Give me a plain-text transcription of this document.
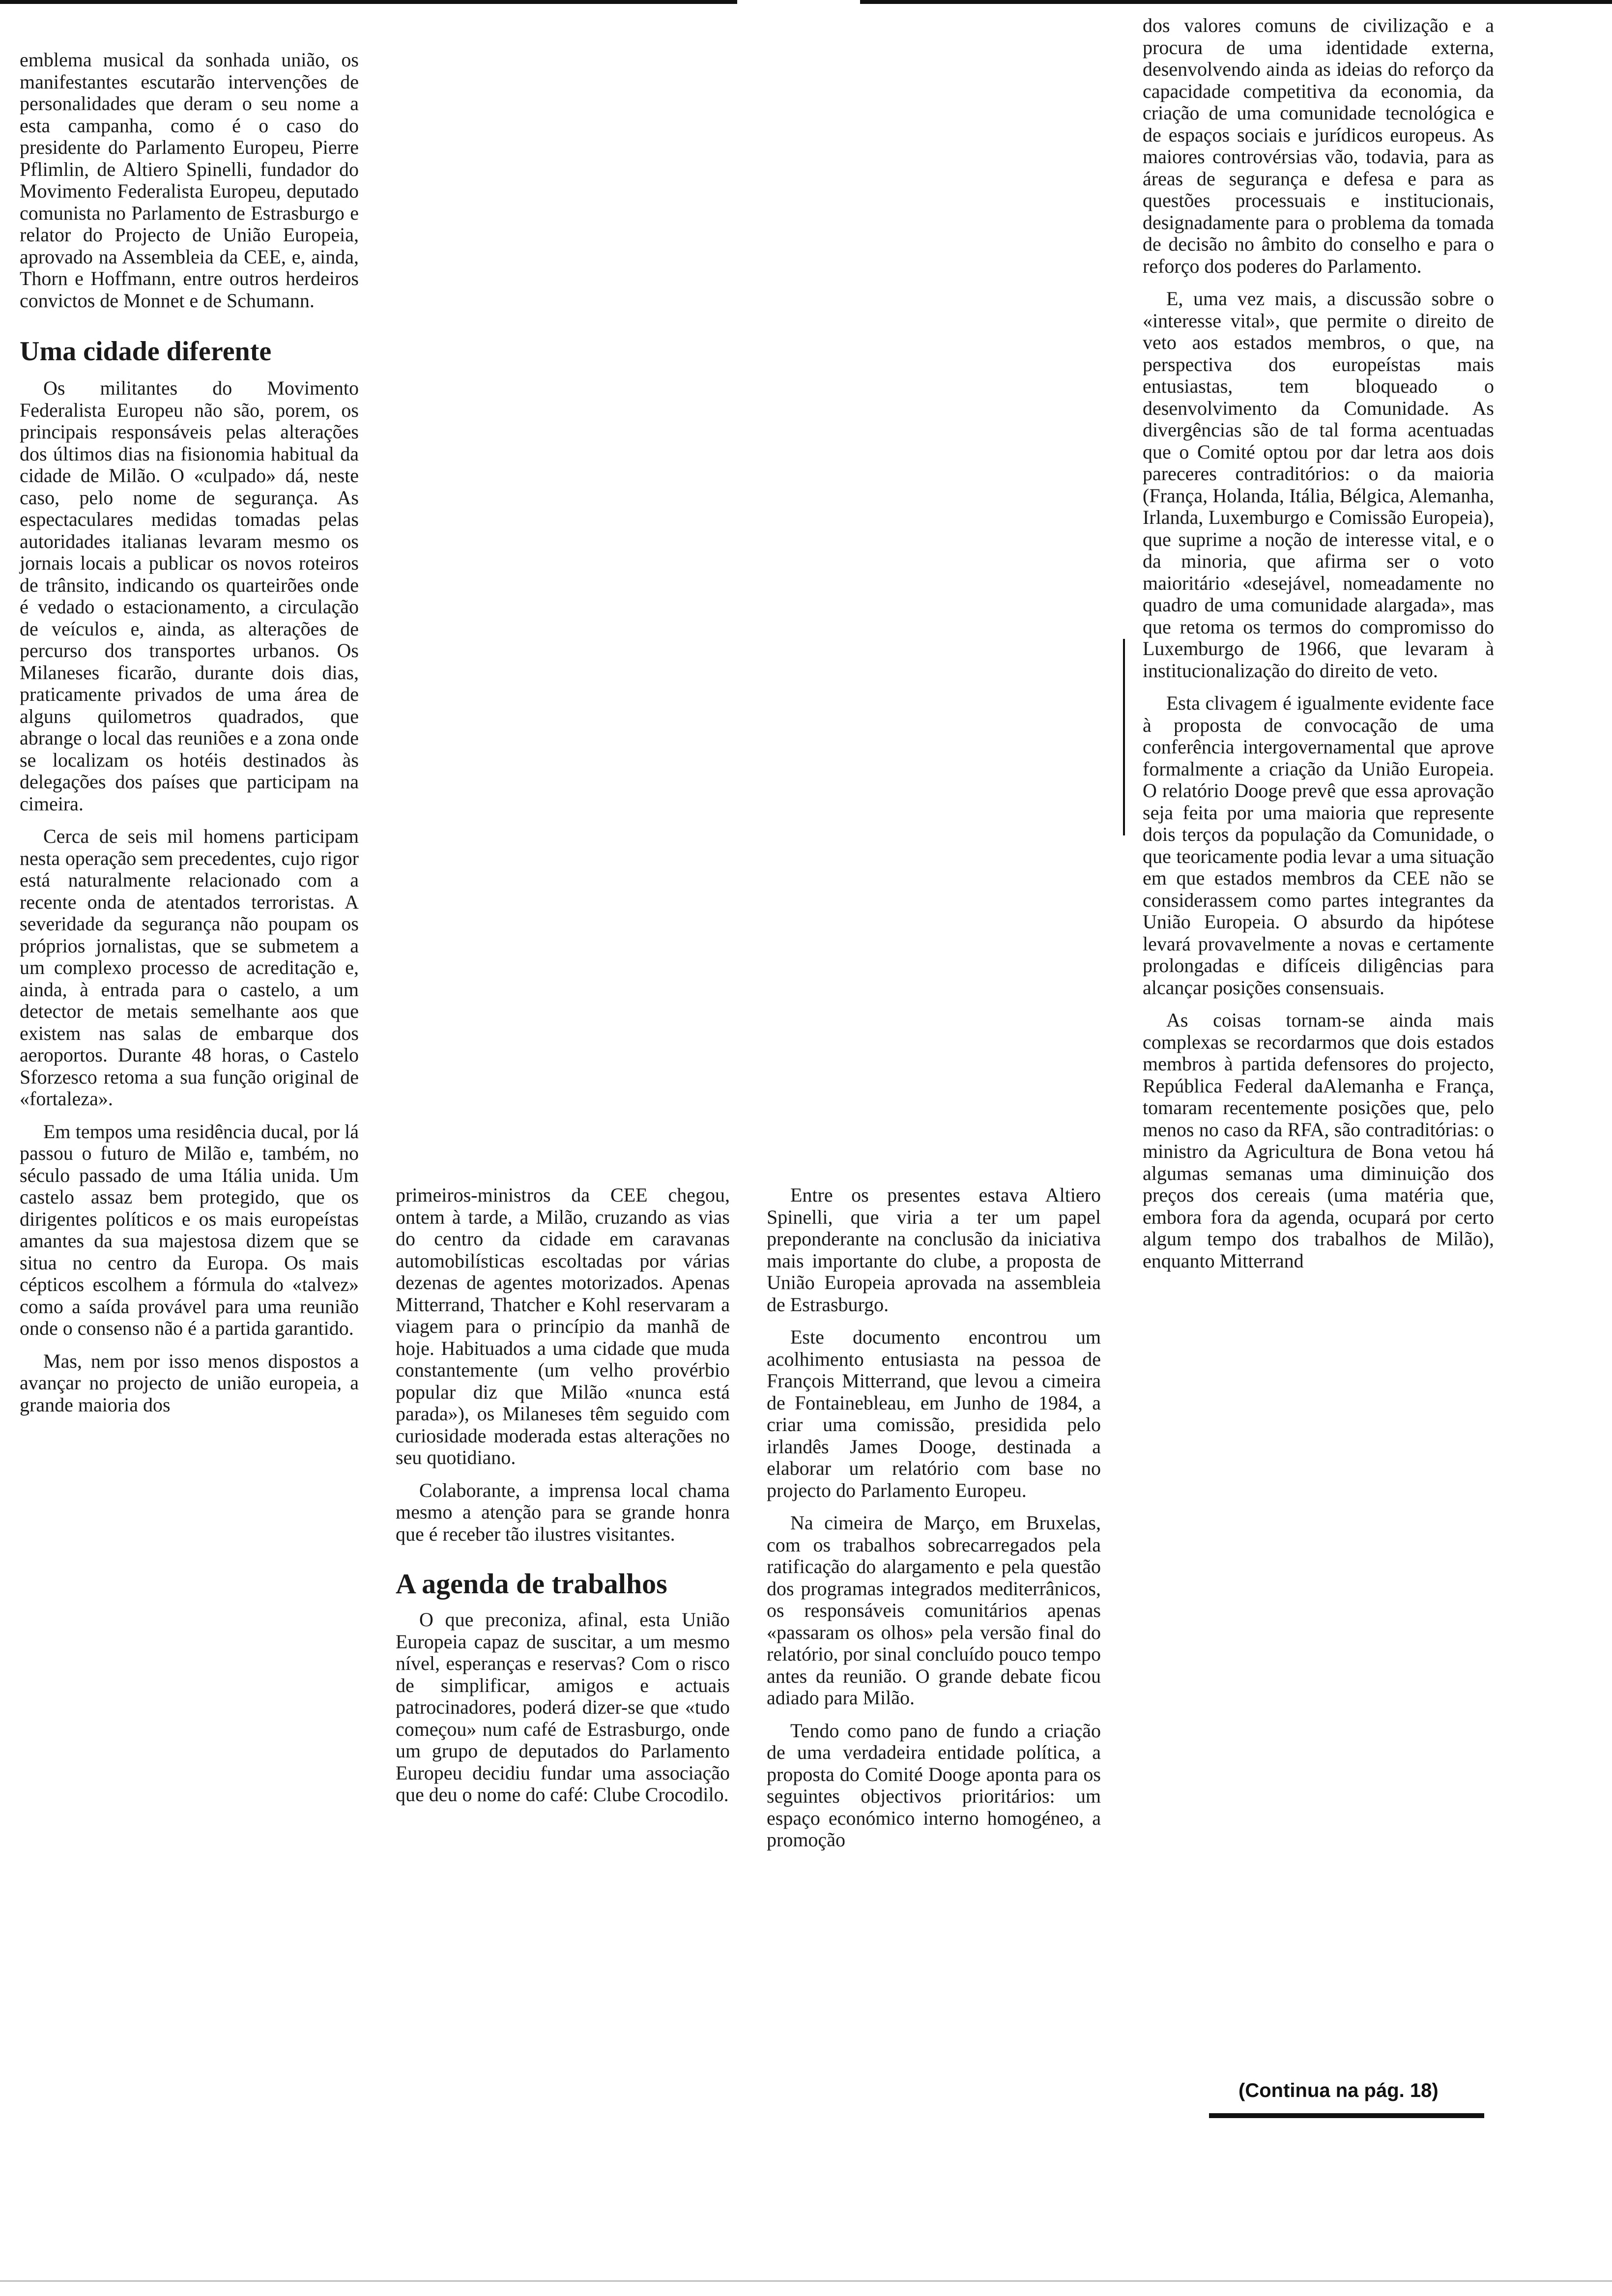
emblema musical da sonhada união, os manifestantes escutarão intervenções de personalidades que deram o seu nome a esta campanha, como é o caso do presidente do Parlamento Europeu, Pierre Pflimlin, de Altiero Spinelli, fundador do Movimento Federalista Europeu, deputado comunista no Parlamento de Estrasburgo e relator do Projecto de União Europeia, aprovado na Assembleia da CEE, e, ainda, Thorn e Hoffmann, entre outros herdeiros convictos de Monnet e de Schumann.

Uma cidade diferente

Os militantes do Movimento Federalista Europeu não são, porem, os principais responsáveis pelas alterações dos últimos dias na fisionomia habitual da cidade de Milão. O «culpado» dá, neste caso, pelo nome de segurança. As espectaculares medidas tomadas pelas autoridades italianas levaram mesmo os jornais locais a publicar os novos roteiros de trânsito, indicando os quarteirões onde é vedado o estacionamento, a circulação de veículos e, ainda, as alterações de percurso dos transportes urbanos. Os Milaneses ficarão, durante dois dias, praticamente privados de uma área de alguns quilometros quadrados, que abrange o local das reuniões e a zona onde se localizam os hotéis destinados às delegações dos países que participam na cimeira.

Cerca de seis mil homens participam nesta operação sem precedentes, cujo rigor está naturalmente relacionado com a recente onda de atentados terroristas. A severidade da segurança não poupam os próprios jornalistas, que se submetem a um complexo processo de acreditação e, ainda, à entrada para o castelo, a um detector de metais semelhante aos que existem nas salas de embarque dos aeroportos. Durante 48 horas, o Castelo Sforzesco retoma a sua função original de «fortaleza».

Em tempos uma residência ducal, por lá passou o futuro de Milão e, também, no século passado de uma Itália unida. Um castelo assaz bem protegido, que os dirigentes políticos e os mais europeístas amantes da sua majestosa dizem que se situa no centro da Europa. Os mais cépticos escolhem a fórmula do «talvez» como a saída provável para uma reunião onde o consenso não é a partida garantido.

Mas, nem por isso menos dispostos a avançar no projecto de união europeia, a grande maioria dos

primeiros-ministros da CEE chegou, ontem à tarde, a Milão, cruzando as vias do centro da cidade em caravanas automobilísticas escoltadas por várias dezenas de agentes motorizados. Apenas Mitterrand, Thatcher e Kohl reservaram a viagem para o princípio da manhã de hoje. Habituados a uma cidade que muda constantemente (um velho provérbio popular diz que Milão «nunca está parada»), os Milaneses têm seguido com curiosidade moderada estas alterações no seu quotidiano.

Colaborante, a imprensa local chama mesmo a atenção para se grande honra que é receber tão ilustres visitantes.

A agenda de trabalhos

O que preconiza, afinal, esta União Europeia capaz de suscitar, a um mesmo nível, esperanças e reservas? Com o risco de simplificar, amigos e actuais patrocinadores, poderá dizer-se que «tudo começou» num café de Estrasburgo, onde um grupo de deputados do Parlamento Europeu decidiu fundar uma associação que deu o nome do café: Clube Crocodilo.

Entre os presentes estava Altiero Spinelli, que viria a ter um papel preponderante na conclusão da iniciativa mais importante do clube, a proposta de União Europeia aprovada na assembleia de Estrasburgo.

Este documento encontrou um acolhimento entusiasta na pessoa de François Mitterrand, que levou a cimeira de Fontainebleau, em Junho de 1984, a criar uma comissão, presidida pelo irlandês James Dooge, destinada a elaborar um relatório com base no projecto do Parlamento Europeu.

Na cimeira de Março, em Bruxelas, com os trabalhos sobrecarregados pela ratificação do alargamento e pela questão dos programas integrados mediterrânicos, os responsáveis comunitários apenas «passaram os olhos» pela versão final do relatório, por sinal concluído pouco tempo antes da reunião. O grande debate ficou adiado para Milão.

Tendo como pano de fundo a criação de uma verdadeira entidade política, a proposta do Comité Dooge aponta para os seguintes objectivos prioritários: um espaço económico interno homogéneo, a promoção

dos valores comuns de civilização e a procura de uma identidade externa, desenvolvendo ainda as ideias do reforço da capacidade competitiva da economia, da criação de uma comunidade tecnológica e de espaços sociais e jurídicos europeus. As maiores controvérsias vão, todavia, para as áreas de segurança e defesa e para as questões processuais e institucionais, designadamente para o problema da tomada de decisão no âmbito do conselho e para o reforço dos poderes do Parlamento.

E, uma vez mais, a discussão sobre o «interesse vital», que permite o direito de veto aos estados membros, o que, na perspectiva dos europeístas mais entusiastas, tem bloqueado o desenvolvimento da Comunidade. As divergências são de tal forma acentuadas que o Comité optou por dar letra aos dois pareceres contraditórios: o da maioria (França, Holanda, Itália, Bélgica, Alemanha, Irlanda, Luxemburgo e Comissão Europeia), que suprime a noção de interesse vital, e o da minoria, que afirma ser o voto maioritário «desejável, nomeadamente no quadro de uma comunidade alargada», mas que retoma os termos do compromisso do Luxemburgo de 1966, que levaram à institucionalização do direito de veto.

Esta clivagem é igualmente evidente face à proposta de convocação de uma conferência intergovernamental que aprove formalmente a criação da União Europeia. O relatório Dooge prevê que essa aprovação seja feita por uma maioria que represente dois terços da população da Comunidade, o que teoricamente podia levar a uma situação em que estados membros da CEE não se considerassem como partes integrantes da União Europeia. O absurdo da hipótese levará provavelmente a novas e certamente prolongadas e difíceis diligências para alcançar posições consensuais.

As coisas tornam-se ainda mais complexas se recordarmos que dois estados membros à partida defensores do projecto, República Federal daAlemanha e França, tomaram recentemente posições que, pelo menos no caso da RFA, são contraditórias: o ministro da Agricultura de Bona vetou há algumas semanas uma diminuição dos preços dos cereais (uma matéria que, embora fora da agenda, ocupará por certo algum tempo dos trabalhos de Milão), enquanto Mitterrand

(Continua na pág. 18)
